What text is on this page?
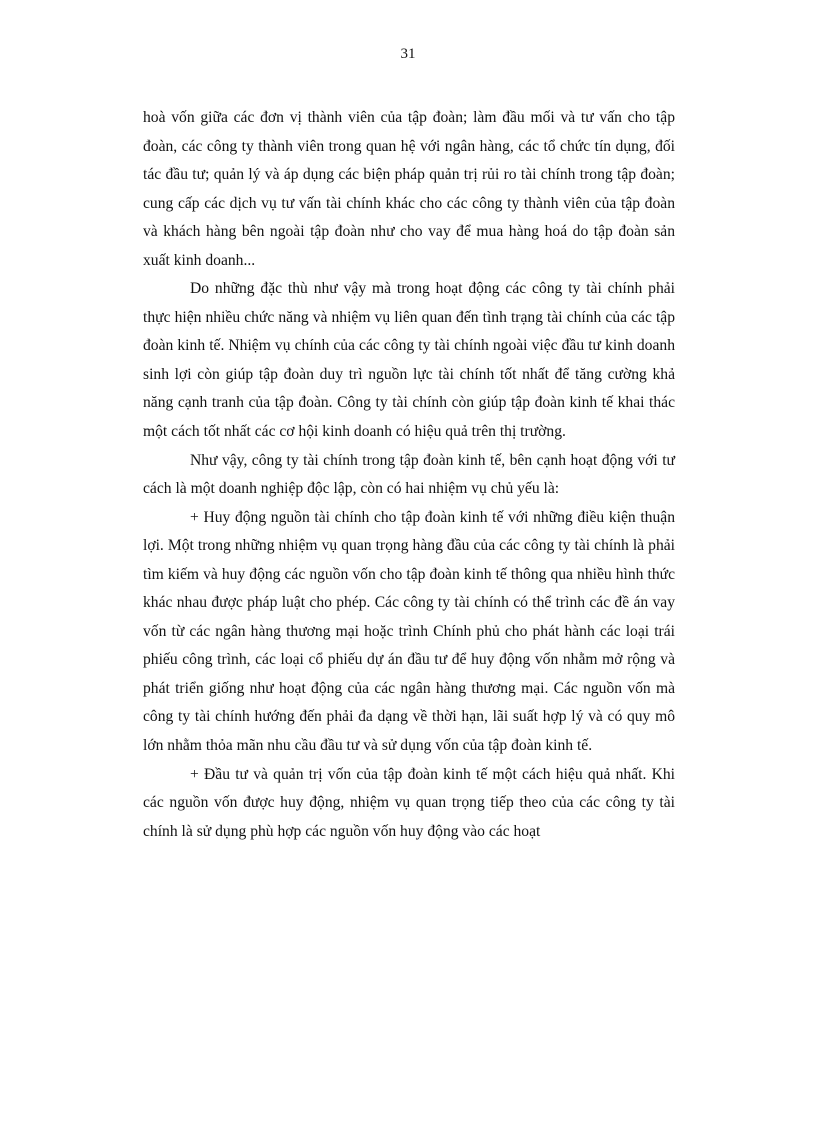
31

hoà vốn giữa các đơn vị thành viên của tập đoàn; làm đầu mối và tư vấn cho tập đoàn, các công ty thành viên trong quan hệ với ngân hàng, các tổ chức tín dụng, đối tác đầu tư; quản lý và áp dụng các biện pháp quản trị rủi ro tài chính trong tập đoàn; cung cấp các dịch vụ tư vấn tài chính khác cho các công ty thành viên của tập đoàn và khách hàng bên ngoài tập đoàn như cho vay để mua hàng hoá do tập đoàn sản xuất kinh doanh...

Do những đặc thù như vậy mà trong hoạt động các công ty tài chính phải thực hiện nhiều chức năng và nhiệm vụ liên quan đến tình trạng tài chính của các tập đoàn kinh tế. Nhiệm vụ chính của các công ty tài chính ngoài việc đầu tư kinh doanh sinh lợi còn giúp tập đoàn duy trì nguồn lực tài chính tốt nhất để tăng cường khả năng cạnh tranh của tập đoàn. Công ty tài chính còn giúp tập đoàn kinh tế khai thác một cách tốt nhất các cơ hội kinh doanh có hiệu quả trên thị trường.

Như vậy, công ty tài chính trong tập đoàn kinh tế, bên cạnh hoạt động với tư cách là một doanh nghiệp độc lập, còn có hai nhiệm vụ chủ yếu là:

+ Huy động nguồn tài chính cho tập đoàn kinh tế với những điều kiện thuận lợi. Một trong những nhiệm vụ quan trọng hàng đầu của các công ty tài chính là phải tìm kiếm và huy động các nguồn vốn cho tập đoàn kinh tế thông qua nhiều hình thức khác nhau được pháp luật cho phép. Các công ty tài chính có thể trình các đề án vay vốn từ các ngân hàng thương mại hoặc trình Chính phủ cho phát hành các loại trái phiếu công trình, các loại cổ phiếu dự án đầu tư để huy động vốn nhằm mở rộng và phát triển giống như hoạt động của các ngân hàng thương mại. Các nguồn vốn mà công ty tài chính hướng đến phải đa dạng về thời hạn, lãi suất hợp lý và có quy mô lớn nhằm thỏa mãn nhu cầu đầu tư và sử dụng vốn của tập đoàn kinh tế.

+ Đầu tư và quản trị vốn của tập đoàn kinh tế một cách hiệu quả nhất. Khi các nguồn vốn được huy động, nhiệm vụ quan trọng tiếp theo của các công ty tài chính là sử dụng phù hợp các nguồn vốn huy động vào các hoạt
